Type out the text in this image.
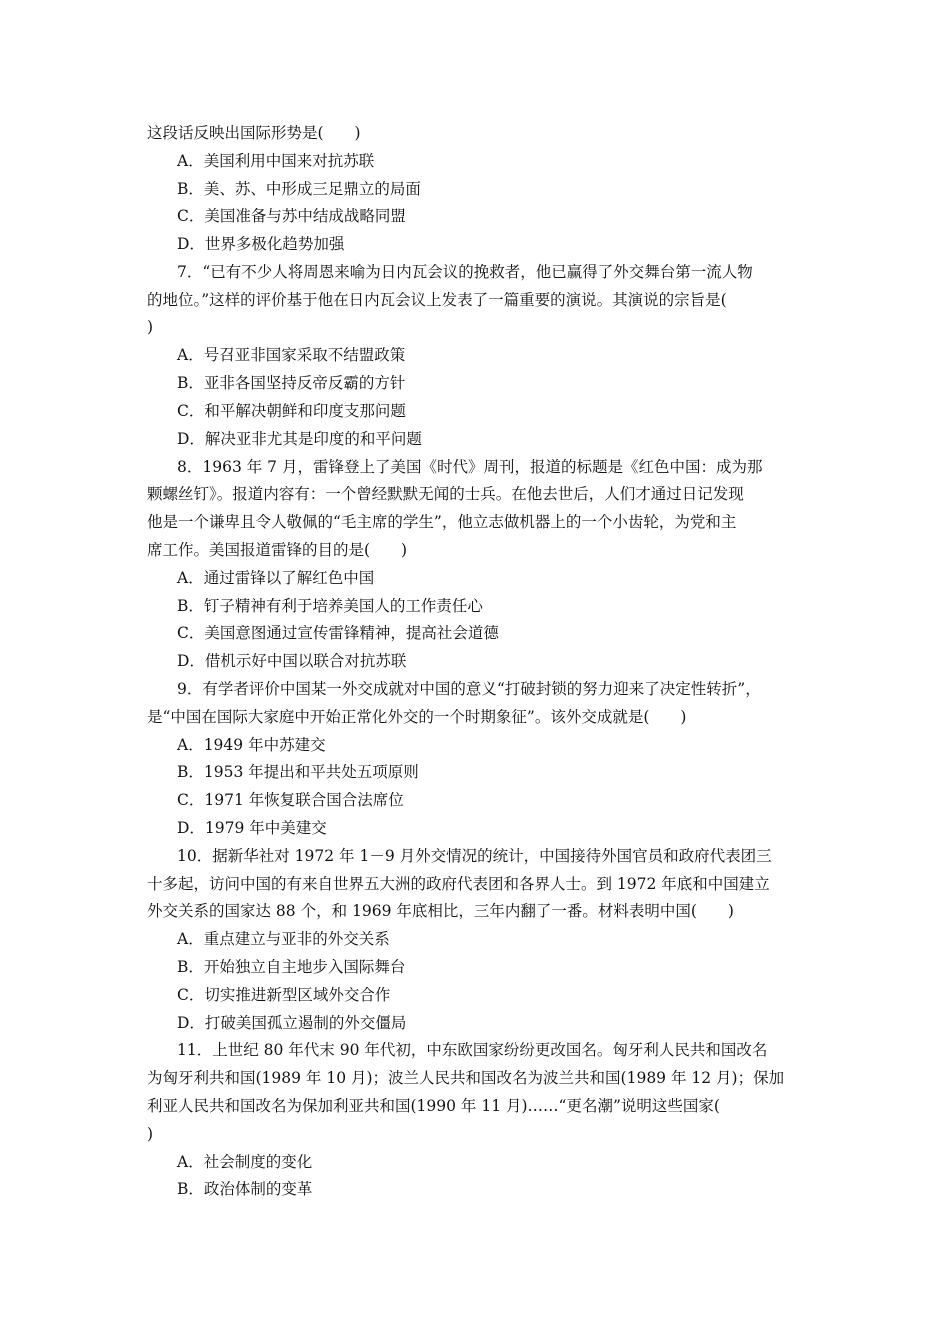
这段话反映出国际形势是(　　)
A．美国利用中国来对抗苏联
B．美、苏、中形成三足鼎立的局面
C．美国准备与苏中结成战略同盟
D．世界多极化趋势加强
7．“已有不少人将周恩来喻为日内瓦会议的挽救者，他已赢得了外交舞台第一流人物
的地位。”这样的评价基于他在日内瓦会议上发表了一篇重要的演说。其演说的宗旨是(
)
A．号召亚非国家采取不结盟政策
B．亚非各国坚持反帝反霸的方针
C．和平解决朝鲜和印度支那问题
D．解决亚非尤其是印度的和平问题
8．1963 年 7 月，雷锋登上了美国《时代》周刊，报道的标题是《红色中国：成为那
颗螺丝钉》。报道内容有：一个曾经默默无闻的士兵。在他去世后，人们才通过日记发现
他是一个谦卑且令人敬佩的“毛主席的学生”，他立志做机器上的一个小齿轮，为党和主
席工作。美国报道雷锋的目的是(　　)
A．通过雷锋以了解红色中国
B．钉子精神有利于培养美国人的工作责任心
C．美国意图通过宣传雷锋精神，提高社会道德
D．借机示好中国以联合对抗苏联
9．有学者评价中国某一外交成就对中国的意义“打破封锁的努力迎来了决定性转折”，
是“中国在国际大家庭中开始正常化外交的一个时期象征”。该外交成就是(　　)
A．1949 年中苏建交
B．1953 年提出和平共处五项原则
C．1971 年恢复联合国合法席位
D．1979 年中美建交
10．据新华社对 1972 年 1－9 月外交情况的统计，中国接待外国官员和政府代表团三
十多起，访问中国的有来自世界五大洲的政府代表团和各界人士。到 1972 年底和中国建立
外交关系的国家达 88 个，和 1969 年底相比，三年内翻了一番。材料表明中国(　　)
A．重点建立与亚非的外交关系
B．开始独立自主地步入国际舞台
C．切实推进新型区域外交合作
D．打破美国孤立遏制的外交僵局
11．上世纪 80 年代末 90 年代初，中东欧国家纷纷更改国名。匈牙利人民共和国改名
为匈牙利共和国(1989 年 10 月)；波兰人民共和国改名为波兰共和国(1989 年 12 月)；保加
利亚人民共和国改名为保加利亚共和国(1990 年 11 月)……“更名潮”说明这些国家(
)
A．社会制度的变化
B．政治体制的变革
